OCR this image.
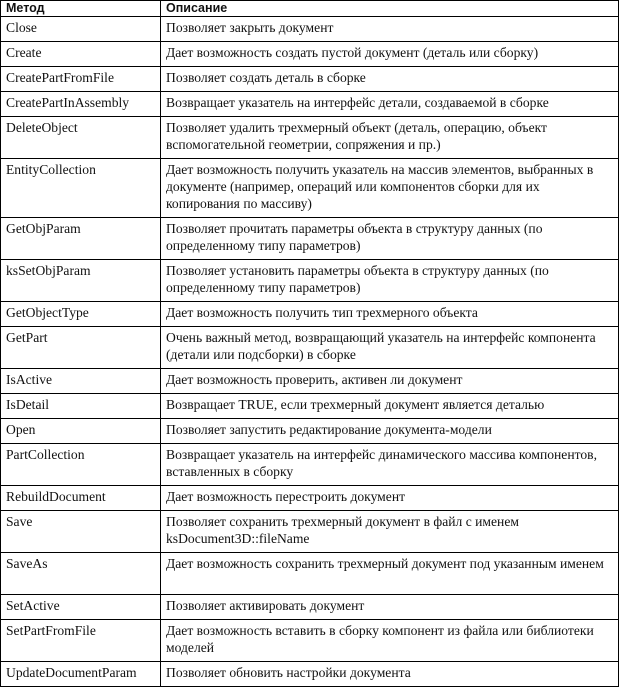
Метод	Описание
Close	Позволяет закрыть документ
Create	Дает возможность создать пустой документ (деталь или сборку)
CreatePartFromFile	Позволяет создать деталь в сборке
CreatePartInAssembly	Возвращает указатель на интерфейс детали, создаваемой в сборке
DeleteObject	Позволяет удалить трехмерный объект (деталь, операцию, объект вспомогательной геометрии, сопряжения и пр.)
EntityCollection	Дает возможность получить указатель на массив элементов, выбранных в документе (например, операций или компонентов сборки для их копирования по массиву)
GetObjParam	Позволяет прочитать параметры объекта в структуру данных (по определенному типу параметров)
ksSetObjParam	Позволяет установить параметры объекта в структуру данных (по определенному типу параметров)
GetObjectType	Дает возможность получить тип трехмерного объекта
GetPart	Очень важный метод, возвращающий указатель на интерфейс компонента (детали или подсборки) в сборке
IsActive	Дает возможность проверить, активен ли документ
IsDetail	Возвращает TRUE, если трехмерный документ является деталью
Open	Позволяет запустить редактирование документа-модели
PartCollection	Возвращает указатель на интерфейс динамического массива компонентов, вставленных в сборку
RebuildDocument	Дает возможность перестроить документ
Save	Позволяет сохранить трехмерный документ в файл с именем ksDocument3D::fileName
SaveAs	Дает возможность сохранить трехмерный документ под указанным именем
SetActive	Позволяет активировать документ
SetPartFromFile	Дает возможность вставить в сборку компонент из файла или библиотеки моделей
UpdateDocumentParam	Позволяет обновить настройки документа
